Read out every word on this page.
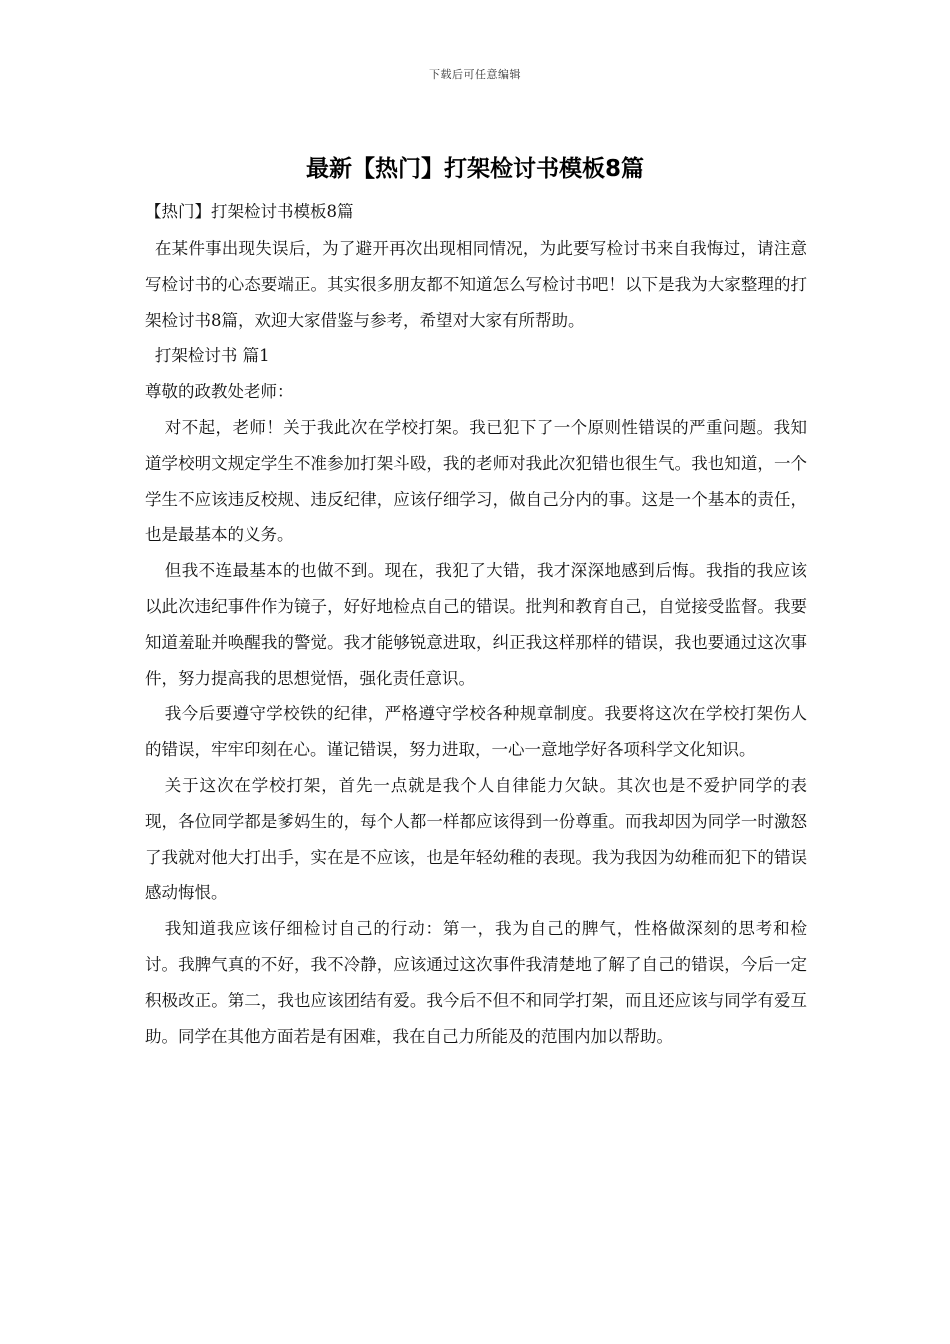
下载后可任意编辑
最新【热门】打架检讨书模板8篇

【热门】打架检讨书模板8篇

在某件事出现失误后，为了避开再次出现相同情况，为此要写检讨书来自我悔过，请注意写检讨书的心态要端正。其实很多朋友都不知道怎么写检讨书吧！以下是我为大家整理的打架检讨书8篇，欢迎大家借鉴与参考，希望对大家有所帮助。

打架检讨书 篇1

尊敬的政教处老师：

对不起，老师！关于我此次在学校打架。我已犯下了一个原则性错误的严重问题。我知道学校明文规定学生不准参加打架斗殴，我的老师对我此次犯错也很生气。我也知道，一个学生不应该违反校规、违反纪律，应该仔细学习，做自己分内的事。这是一个基本的责任，也是最基本的义务。

但我不连最基本的也做不到。现在，我犯了大错，我才深深地感到后悔。我指的我应该以此次违纪事件作为镜子，好好地检点自己的错误。批判和教育自己，自觉接受监督。我要知道羞耻并唤醒我的警觉。我才能够锐意进取，纠正我这样那样的错误，我也要通过这次事件，努力提高我的思想觉悟，强化责任意识。

我今后要遵守学校铁的纪律，严格遵守学校各种规章制度。我要将这次在学校打架伤人的错误，牢牢印刻在心。谨记错误，努力进取，一心一意地学好各项科学文化知识。

关于这次在学校打架，首先一点就是我个人自律能力欠缺。其次也是不爱护同学的表现，各位同学都是爹妈生的，每个人都一样都应该得到一份尊重。而我却因为同学一时激怒了我就对他大打出手，实在是不应该，也是年轻幼稚的表现。我为我因为幼稚而犯下的错误感动悔恨。

我知道我应该仔细检讨自己的行动：第一，我为自己的脾气，性格做深刻的思考和检讨。我脾气真的不好，我不冷静，应该通过这次事件我清楚地了解了自己的错误，今后一定积极改正。第二，我也应该团结有爱。我今后不但不和同学打架，而且还应该与同学有爱互助。同学在其他方面若是有困难，我在自己力所能及的范围内加以帮助。
